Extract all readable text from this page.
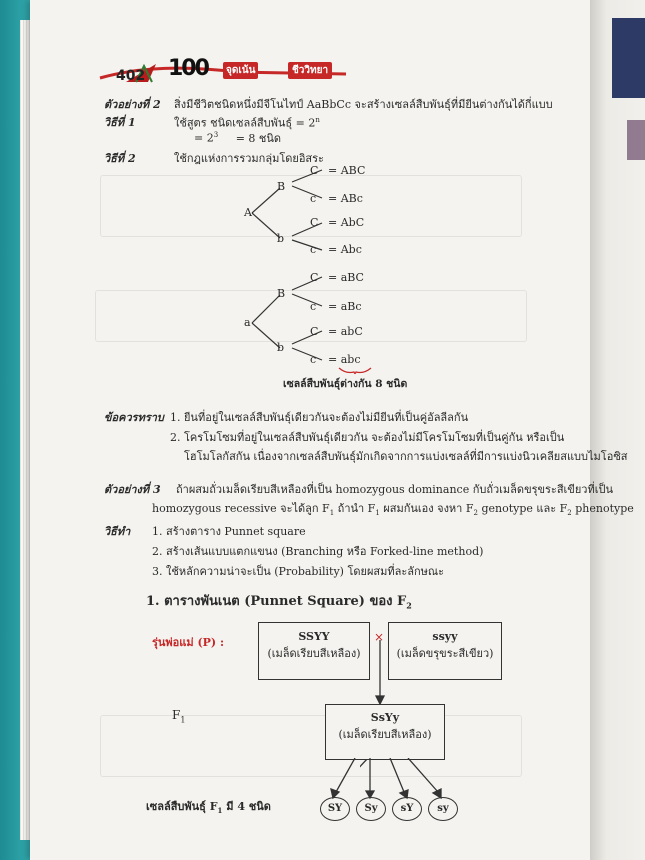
402 100	จุดเน้น	ชีววิทยา
ตัวอย่างที่ 2 สิ่งมีชีวิตชนิดหนึ่งมีจีโนไทป์ AaBbCc จะสร้างเซลล์สืบพันธุ์ที่มียีนต่างกันได้กี่แบบ
วิธีที่ 1	ใช้สูตร ชนิดเซลล์สืบพันธุ์ = $2^n$
= $2^3 = 8$ ชนิด
วิธีที่ 2	ใช้กฎแห่งการรวมกลุ่มโดยอิสระ
A
B
b
a
B
b
C
c
C
c
C
c
C
c
= ABC
= ABc
= AbC
= Abc
= aBC
= aBc
= abC
= abc
เซลล์สืบพันธุ์ต่างกัน 8 ชนิด
ข้อควรทราบ 1. ยีนที่อยู่ในเซลล์สืบพันธุ์เดียวกันจะต้องไม่มียีนที่เป็นคู่อัลลีลกัน
2. โครโมโซมที่อยู่ในเซลล์สืบพันธุ์เดียวกัน จะต้องไม่มีโครโมโซมที่เป็นคู่กัน หรือเป็น
โฮโมโลกัสกัน เนื่องจากเซลล์สืบพันธุ์มักเกิดจากการแบ่งเซลล์ที่มีการแบ่งนิวเคลียสแบบไมโอซิส
ตัวอย่างที่ 3 ถ้าผสมถั่วเมล็ดเรียบสีเหลืองที่เป็น homozygous dominance กับถั่วเมล็ดขรุขระสีเขียวที่เป็น
homozygous recessive จะได้ลูก $F_1$ ถ้านำ $F_1$ ผสมกันเอง จงหา $F_2$ genotype และ $F_2$ phenotype
วิธีทำ 1. สร้างตาราง Punnet square
2. สร้างเส้นแบบแตกแขนง (Branching หรือ Forked-line method)
3. ใช้หลักความน่าจะเป็น (Probability) โดยผสมที่ละลักษณะ
1. ตารางพันเนต (Punnet Square) ของ $F_2$
รุ่นพ่อแม่ (P) :	SSYY
(เมล็ดเรียบสีเหลือง)
×	ssyy
(เมล็ดขรุขระสีเขียว)
$F_1$	SsYy
(เมล็ดเรียบสีเหลือง)
เซลล์สืบพันธุ์ $F_1$ มี 4 ชนิด	SY	Sy	sY	sy
